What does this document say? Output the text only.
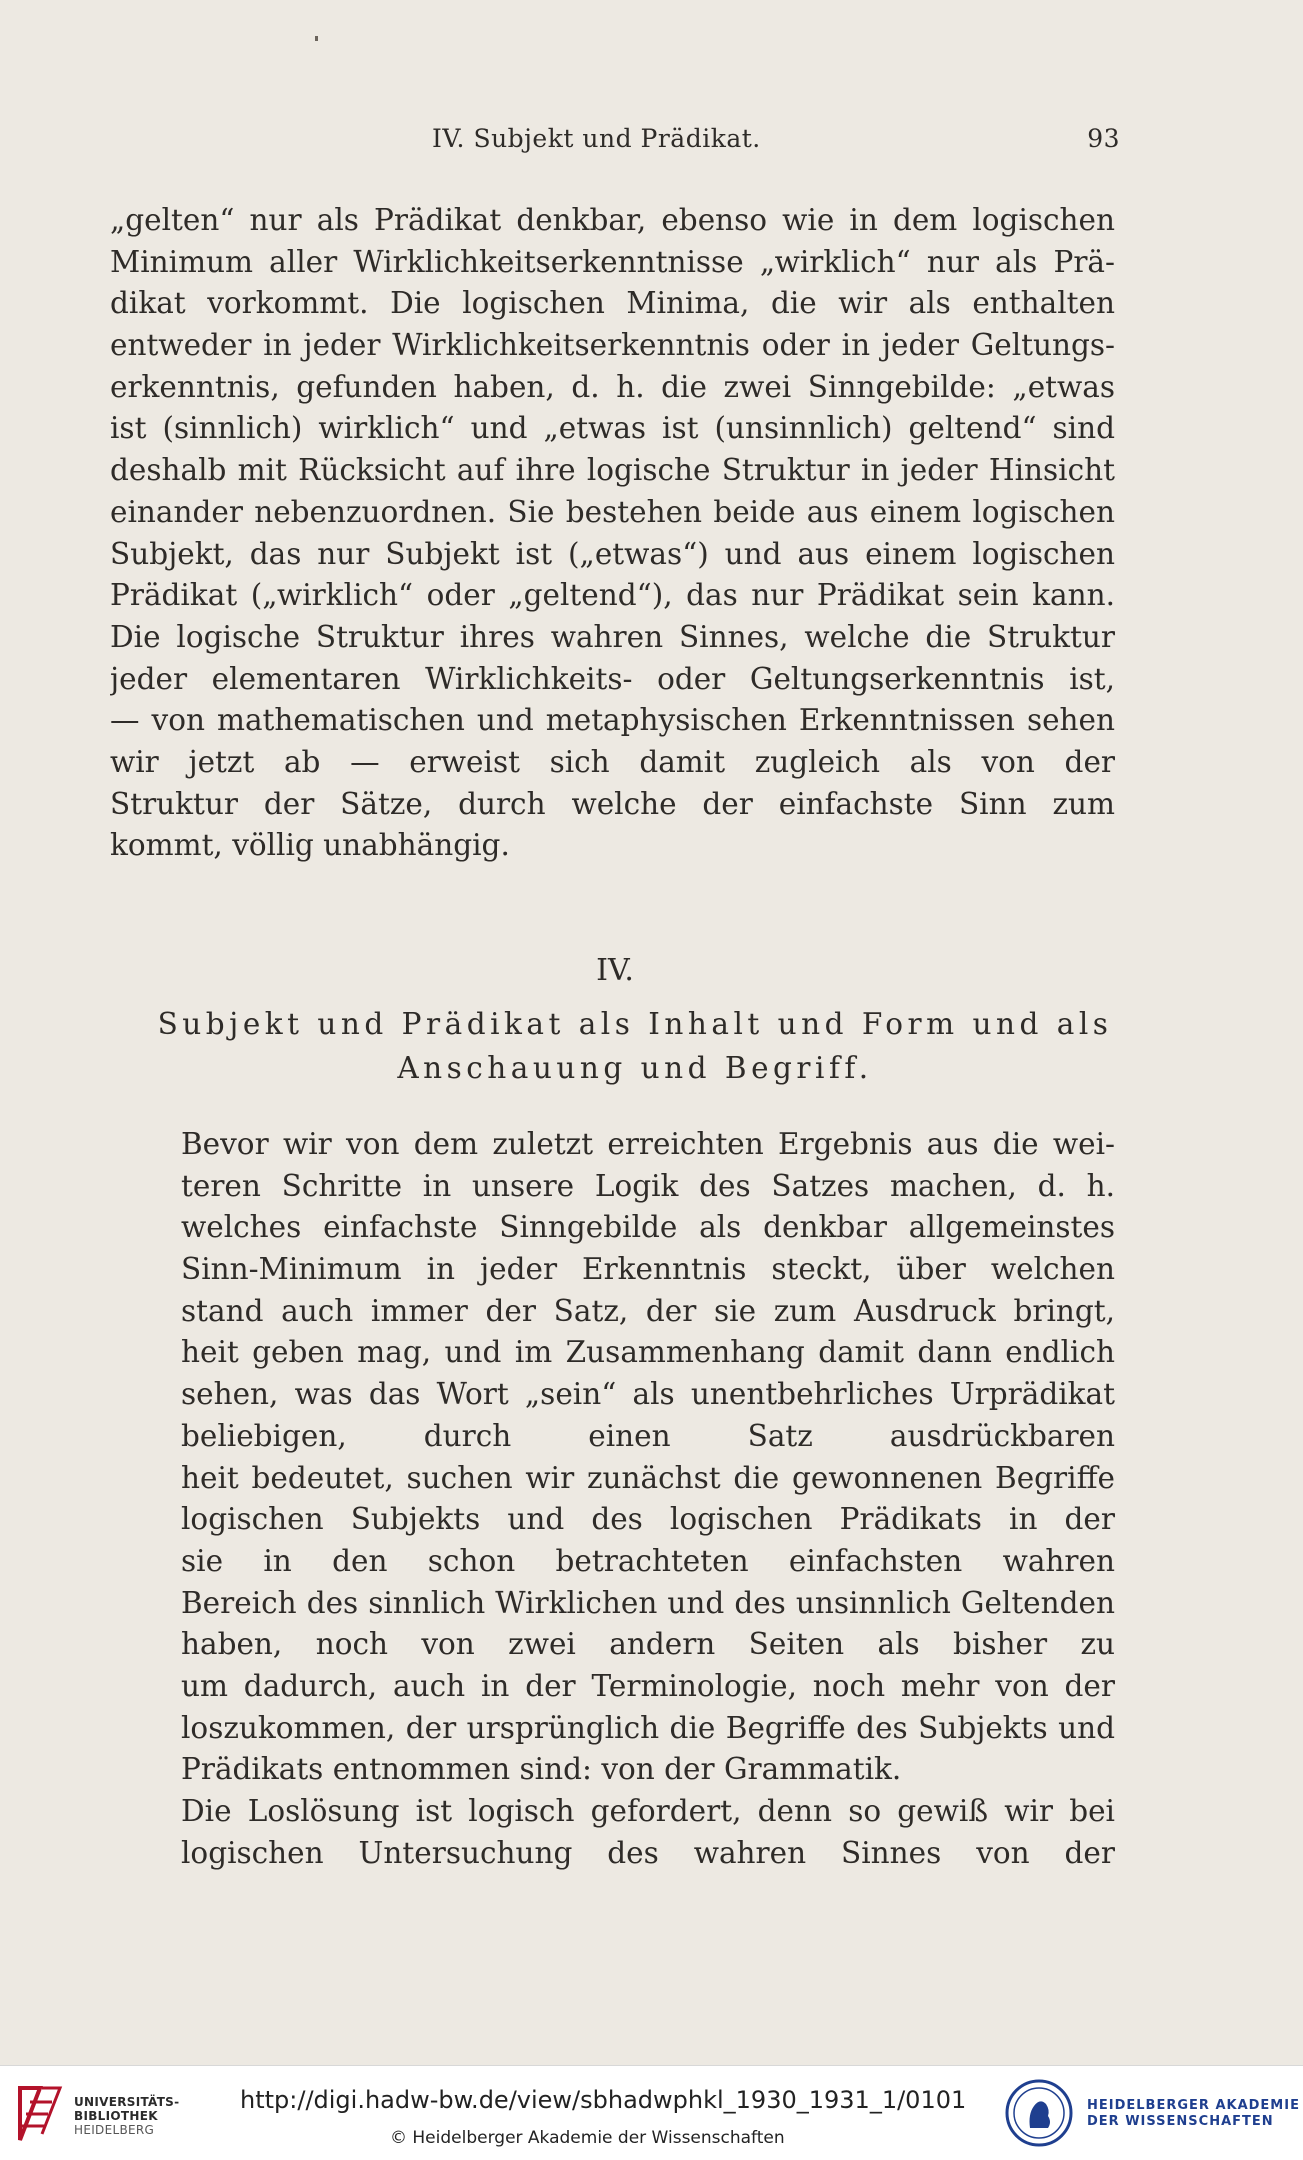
IV. Subjekt und Prädikat.	93

„gelten“ nur als Prädikat denkbar, ebenso wie in dem logischen
Minimum aller Wirklichkeitserkenntnisse „wirklich“ nur als Prä-
dikat vorkommt. Die logischen Minima, die wir als enthalten
entweder in jeder Wirklichkeitserkenntnis oder in jeder Geltungs-
erkenntnis, gefunden haben, d. h. die zwei Sinngebilde: „etwas
ist (sinnlich) wirklich“ und „etwas ist (unsinnlich) geltend“ sind
deshalb mit Rücksicht auf ihre logische Struktur in jeder Hinsicht
einander nebenzuordnen. Sie bestehen beide aus einem logischen
Subjekt, das nur Subjekt ist („etwas“) und aus einem logischen
Prädikat („wirklich“ oder „geltend“), das nur Prädikat sein kann.
Die logische Struktur ihres wahren Sinnes, welche die Struktur
jeder elementaren Wirklichkeits- oder Geltungserkenntnis ist,
— von mathematischen und metaphysischen Erkenntnissen sehen
wir jetzt ab — erweist sich damit zugleich als von der
Struktur der Sätze, durch welche der einfachste Sinn zum
kommt, völlig unabhängig.

IV.
Subjekt und Prädikat als Inhalt und Form und als
Anschauung und Begriff.

Bevor wir von dem zuletzt erreichten Ergebnis aus die wei-
teren Schritte in unsere Logik des Satzes machen, d. h.
welches einfachste Sinngebilde als denkbar allgemeinstes
Sinn-Minimum in jeder Erkenntnis steckt, über welchen
stand auch immer der Satz, der sie zum Ausdruck bringt,
heit geben mag, und im Zusammenhang damit dann endlich
sehen, was das Wort „sein“ als unentbehrliches Urprädikat
beliebigen, durch einen Satz ausdrückbaren
heit bedeutet, suchen wir zunächst die gewonnenen Begriffe
logischen Subjekts und des logischen Prädikats in der
sie in den schon betrachteten einfachsten wahren
Bereich des sinnlich Wirklichen und des unsinnlich Geltenden
haben, noch von zwei andern Seiten als bisher zu
um dadurch, auch in der Terminologie, noch mehr von der
loszukommen, der ursprünglich die Begriffe des Subjekts und
Prädikats entnommen sind: von der Grammatik.

Die Loslösung ist logisch gefordert, denn so gewiß wir bei
logischen Untersuchung des wahren Sinnes von der

UNIVERSITÄTS-
BIBLIOTHEK
HEIDELBERG
http://digi.hadw-bw.de/view/sbhadwphkl_1930_1931_1/0101
© Heidelberger Akademie der Wissenschaften
HEIDELBERGER AKADEMIE
DER WISSENSCHAFTEN
